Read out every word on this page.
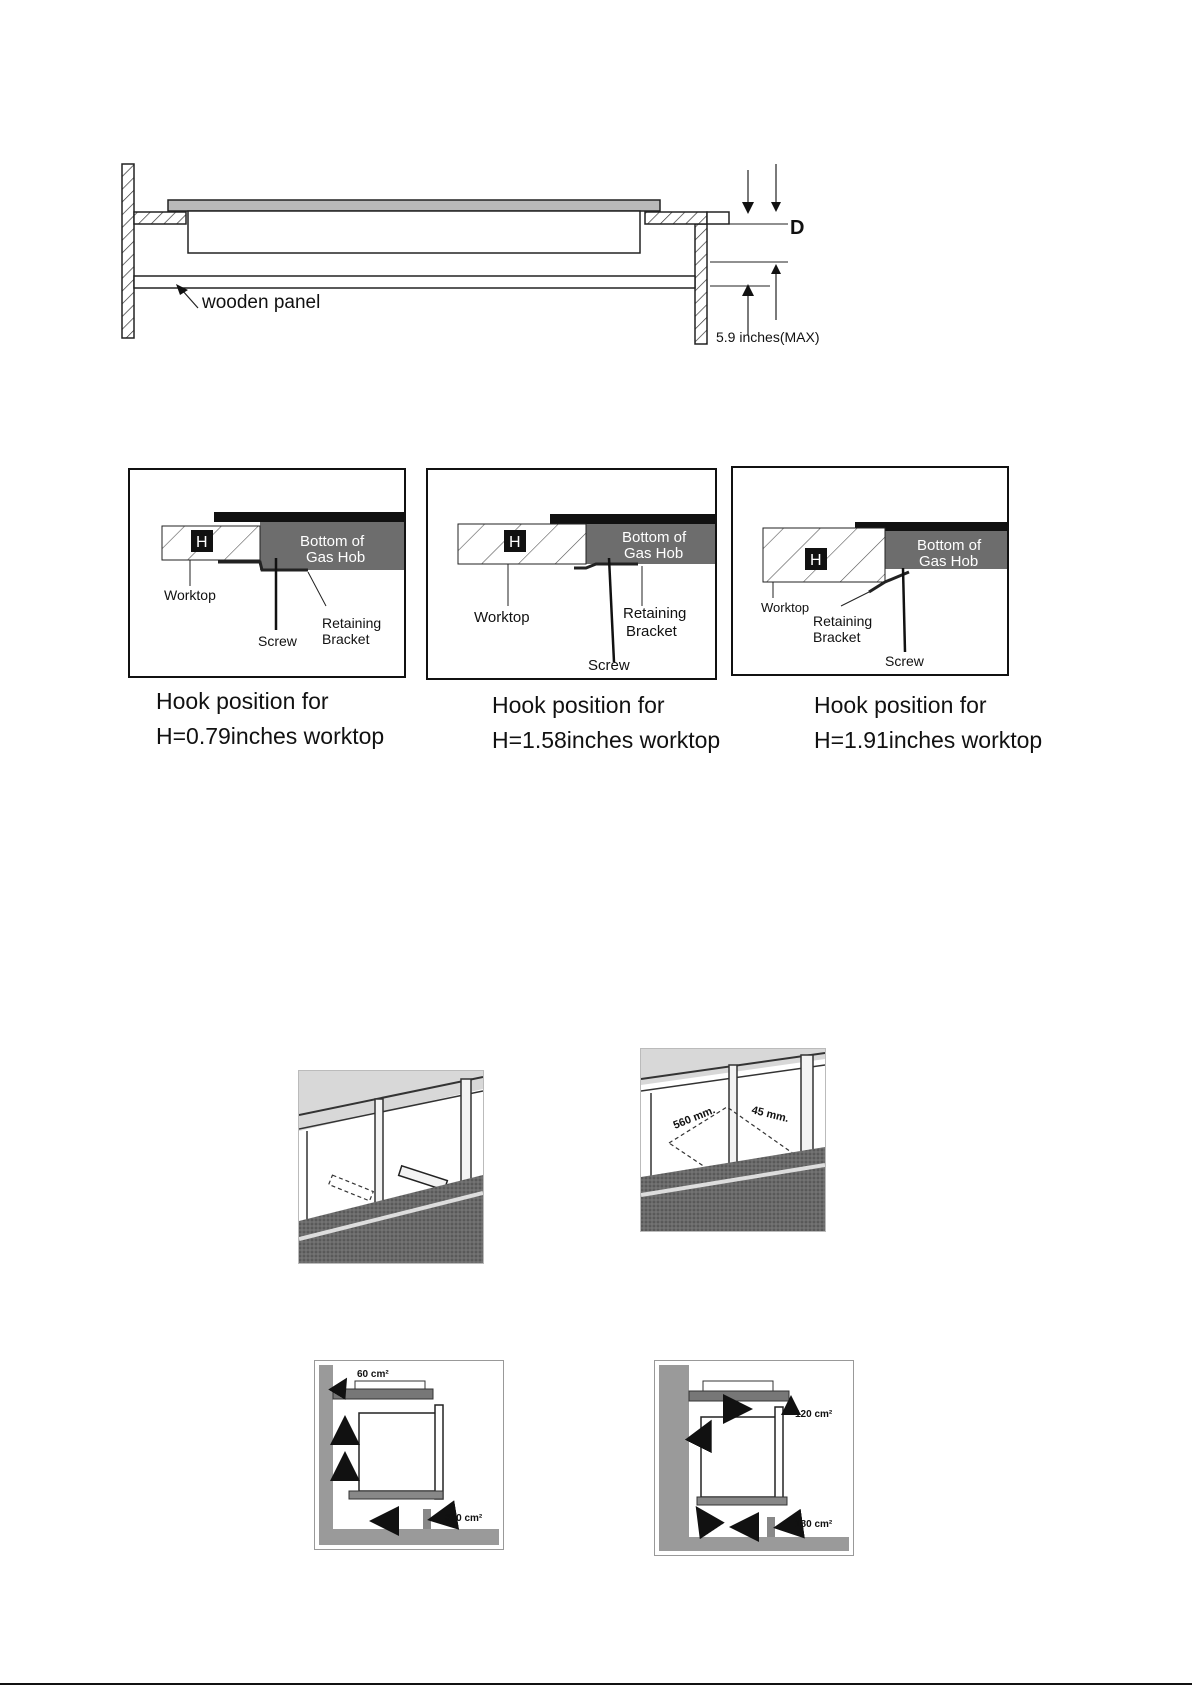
D
wooden panel
5.9 inches(MAX)
Bottom of
Gas Hob
H
Worktop
Screw
Retaining
Bracket
Hook position for
H=0.79inches worktop
Bottom of
Gas Hob
H
Worktop
Screw
Retaining
Bracket
Hook position for
H=1.58inches worktop
Bottom of
Gas Hob
H
Worktop
Screw
Retaining
Bracket
Hook position for
H=1.91inches worktop
560 mm.	45 mm.
60 cm²
360 cm²
120 cm²
180 cm²
